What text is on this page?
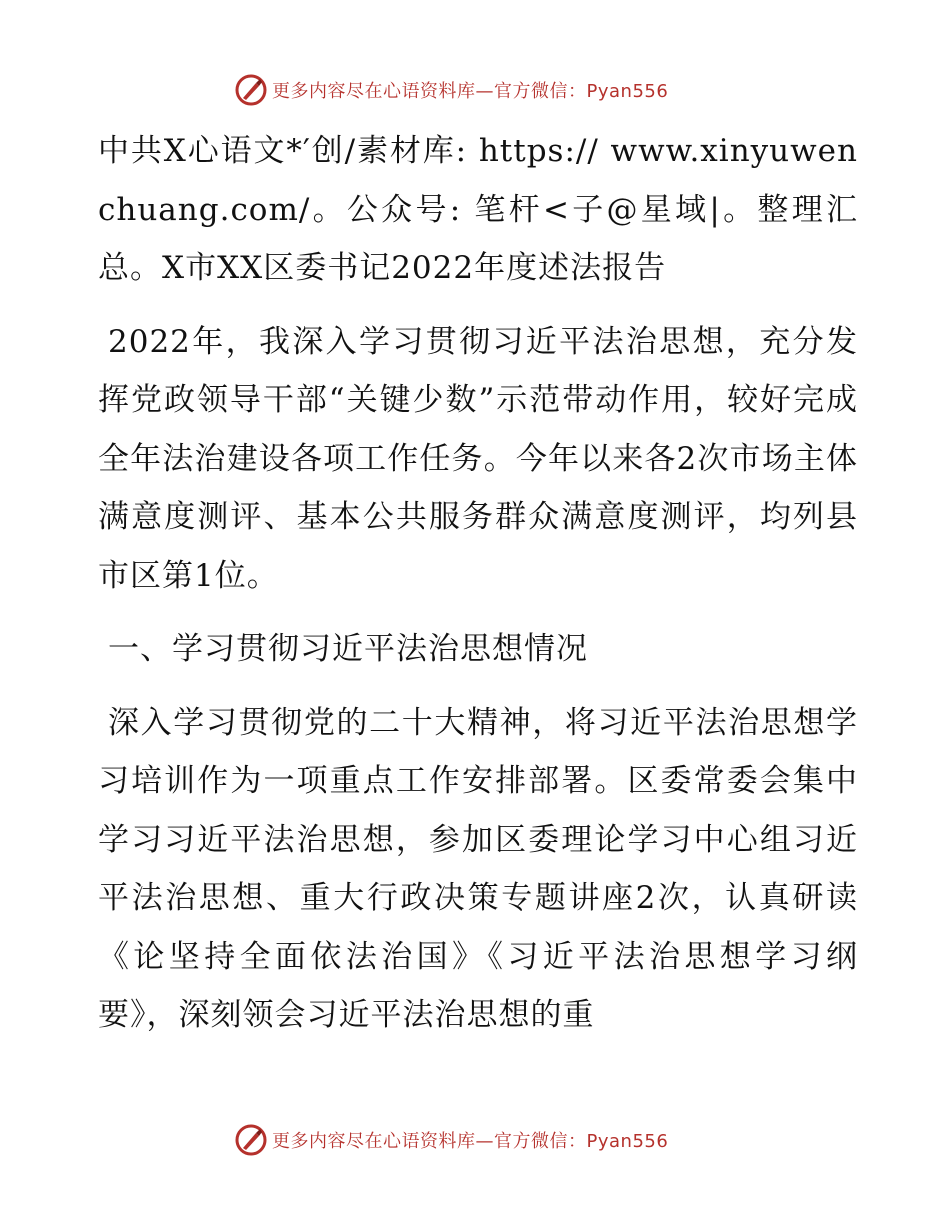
更多内容尽在心语资料库—官方微信：Pyan556

中共X心语文*′创/素材库: https:// www.xinyuwenchuang.com/。公众号: 笔杆<子@星域|。整理汇总。X市XX区委书记2022年度述法报告

2022年，我深入学习贯彻习近平法治思想，充分发挥党政领导干部“关键少数”示范带动作用，较好完成全年法治建设各项工作任务。今年以来各2次市场主体满意度测评、基本公共服务群众满意度测评，均列县市区第1位。

一、学习贯彻习近平法治思想情况

深入学习贯彻党的二十大精神，将习近平法治思想学习培训作为一项重点工作安排部署。区委常委会集中学习习近平法治思想，参加区委理论学习中心组习近平法治思想、重大行政决策专题讲座2次，认真研读《论坚持全面依法治国》《习近平法治思想学习纲要》，深刻领会习近平法治思想的重

更多内容尽在心语资料库—官方微信：Pyan556
